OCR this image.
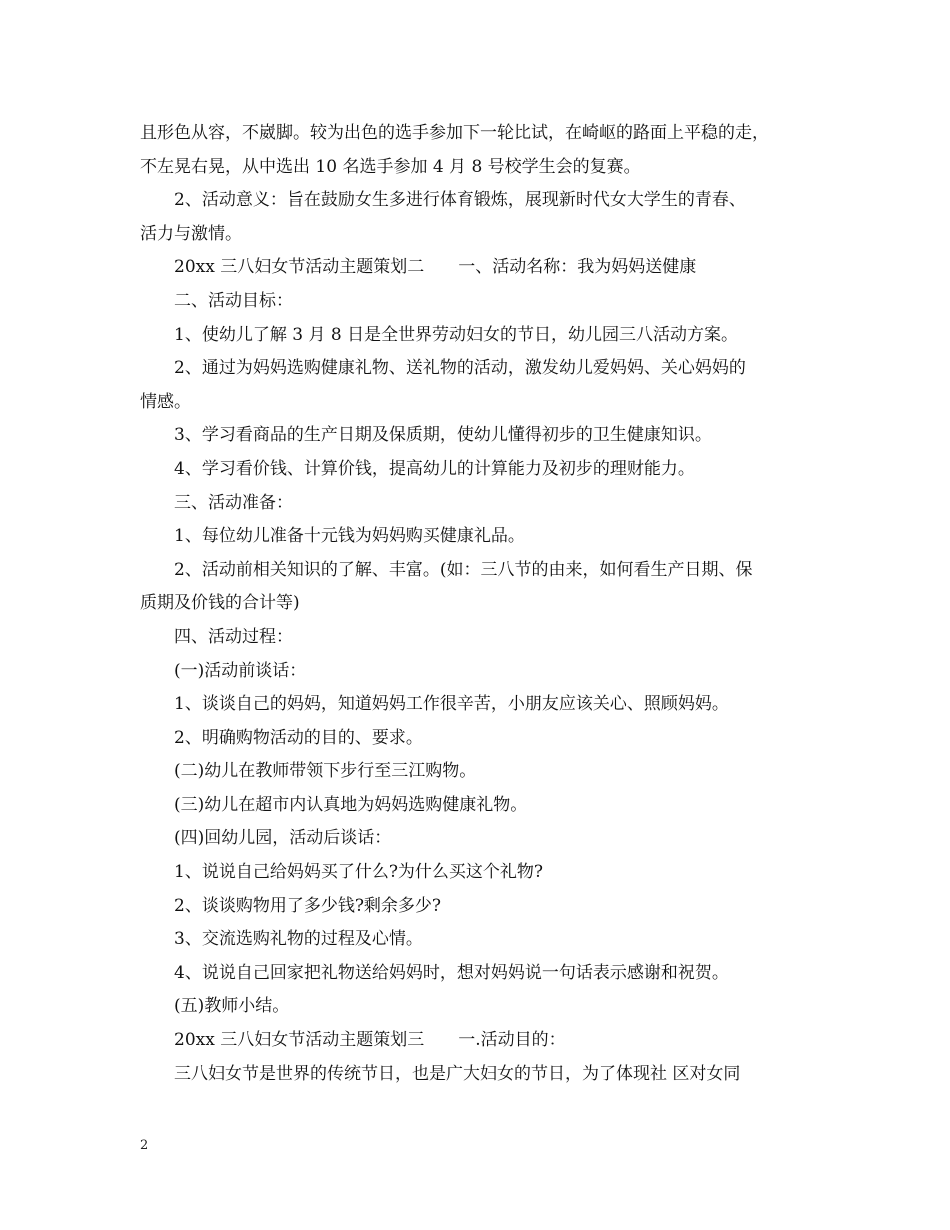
且形色从容，不崴脚。较为出色的选手参加下一轮比试，在崎岖的路面上平稳的走，
不左晃右晃，从中选出 10 名选手参加 4 月 8 号校学生会的复赛。
2、活动意义：旨在鼓励女生多进行体育锻炼，展现新时代女大学生的青春、
活力与激情。
20xx 三八妇女节活动主题策划二　　一、活动名称：我为妈妈送健康
二、活动目标：
1、使幼儿了解 3 月 8 日是全世界劳动妇女的节日，幼儿园三八活动方案。
2、通过为妈妈选购健康礼物、送礼物的活动，激发幼儿爱妈妈、关心妈妈的
情感。
3、学习看商品的生产日期及保质期，使幼儿懂得初步的卫生健康知识。
4、学习看价钱、计算价钱，提高幼儿的计算能力及初步的理财能力。
三、活动准备：
1、每位幼儿准备十元钱为妈妈购买健康礼品。
2、活动前相关知识的了解、丰富。(如：三八节的由来，如何看生产日期、保
质期及价钱的合计等)
四、活动过程：
(一)活动前谈话：
1、谈谈自己的妈妈，知道妈妈工作很辛苦，小朋友应该关心、照顾妈妈。
2、明确购物活动的目的、要求。
(二)幼儿在教师带领下步行至三江购物。
(三)幼儿在超市内认真地为妈妈选购健康礼物。
(四)回幼儿园，活动后谈话：
1、说说自己给妈妈买了什么?为什么买这个礼物?
2、谈谈购物用了多少钱?剩余多少?
3、交流选购礼物的过程及心情。
4、说说自己回家把礼物送给妈妈时，想对妈妈说一句话表示感谢和祝贺。
(五)教师小结。
20xx 三八妇女节活动主题策划三　　一.活动目的：
三八妇女节是世界的传统节日，也是广大妇女的节日，为了体现社 区对女同
2
